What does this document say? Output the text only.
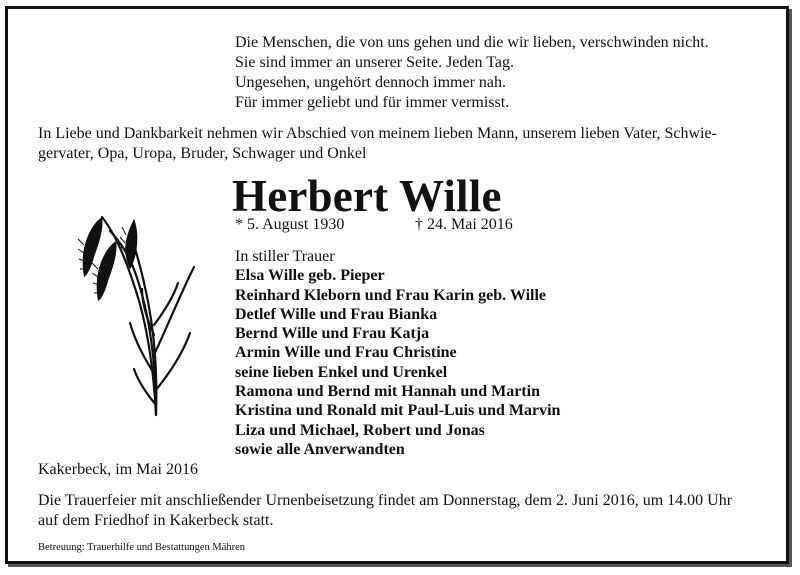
Die Menschen, die von uns gehen und die wir lieben, verschwinden nicht.
Sie sind immer an unserer Seite. Jeden Tag.
Ungesehen, ungehört dennoch immer nah.
Für immer geliebt und für immer vermisst.
In Liebe und Dankbarkeit nehmen wir Abschied von meinem lieben Mann, unserem lieben Vater, Schwie-
gervater, Opa, Uropa, Bruder, Schwager und Onkel
Herbert Wille
* 5. August 1930	† 24. Mai 2016
In stiller Trauer
Elsa Wille geb. Pieper
Reinhard Kleborn und Frau Karin geb. Wille
Detlef Wille und Frau Bianka
Bernd Wille und Frau Katja
Armin Wille und Frau Christine
seine lieben Enkel und Urenkel
Ramona und Bernd mit Hannah und Martin
Kristina und Ronald mit Paul-Luis und Marvin
Liza und Michael, Robert und Jonas
sowie alle Anverwandten
Kakerbeck, im Mai 2016
Die Trauerfeier mit anschließender Urnenbeisetzung findet am Donnerstag, dem 2. Juni 2016, um 14.00 Uhr
auf dem Friedhof in Kakerbeck statt.
Betreuung: Trauerhilfe und Bestattungen Mähren
